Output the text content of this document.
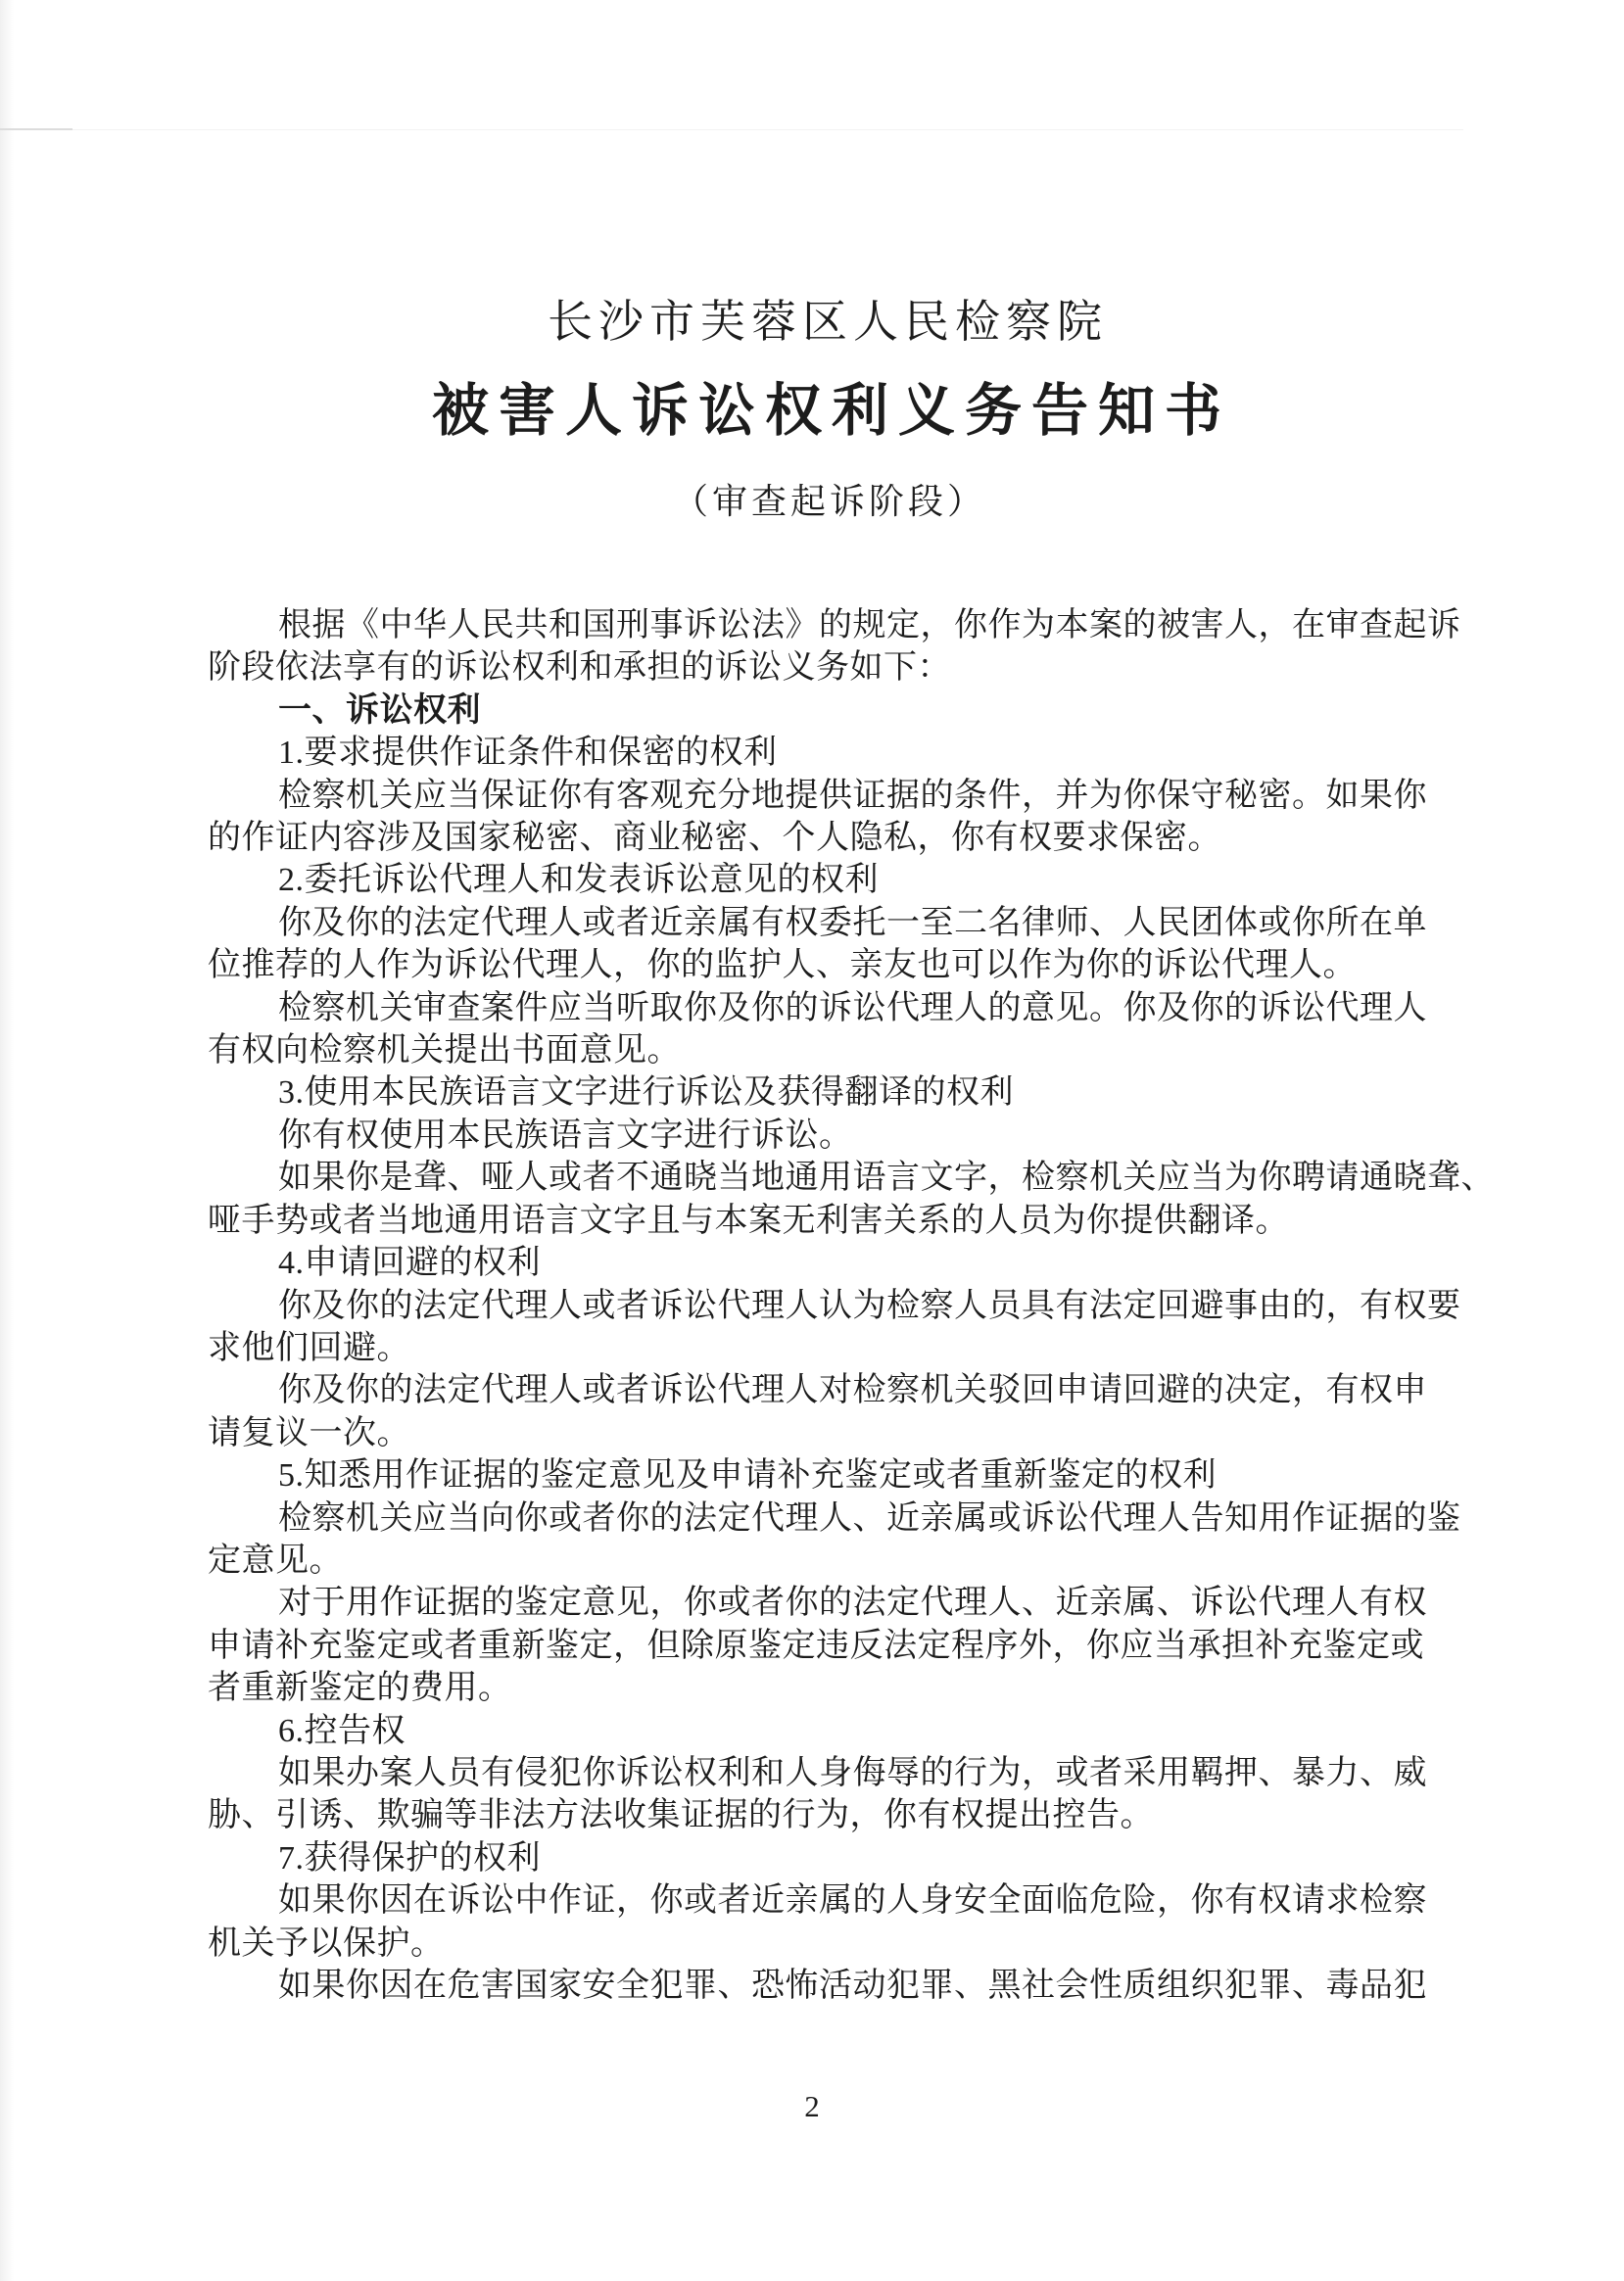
长沙市芙蓉区人民检察院
被害人诉讼权利义务告知书
（审查起诉阶段）
根据《中华人民共和国刑事诉讼法》的规定，你作为本案的被害人，在审查起诉
阶段依法享有的诉讼权利和承担的诉讼义务如下：
一、诉讼权利
1.要求提供作证条件和保密的权利
检察机关应当保证你有客观充分地提供证据的条件，并为你保守秘密。如果你
的作证内容涉及国家秘密、商业秘密、个人隐私，你有权要求保密。
2.委托诉讼代理人和发表诉讼意见的权利
你及你的法定代理人或者近亲属有权委托一至二名律师、人民团体或你所在单
位推荐的人作为诉讼代理人，你的监护人、亲友也可以作为你的诉讼代理人。
检察机关审查案件应当听取你及你的诉讼代理人的意见。你及你的诉讼代理人
有权向检察机关提出书面意见。
3.使用本民族语言文字进行诉讼及获得翻译的权利
你有权使用本民族语言文字进行诉讼。
如果你是聋、哑人或者不通晓当地通用语言文字，检察机关应当为你聘请通晓聋、
哑手势或者当地通用语言文字且与本案无利害关系的人员为你提供翻译。
4.申请回避的权利
你及你的法定代理人或者诉讼代理人认为检察人员具有法定回避事由的，有权要
求他们回避。
你及你的法定代理人或者诉讼代理人对检察机关驳回申请回避的决定，有权申
请复议一次。
5.知悉用作证据的鉴定意见及申请补充鉴定或者重新鉴定的权利
检察机关应当向你或者你的法定代理人、近亲属或诉讼代理人告知用作证据的鉴
定意见。
对于用作证据的鉴定意见，你或者你的法定代理人、近亲属、诉讼代理人有权
申请补充鉴定或者重新鉴定，但除原鉴定违反法定程序外，你应当承担补充鉴定或
者重新鉴定的费用。
6.控告权
如果办案人员有侵犯你诉讼权利和人身侮辱的行为，或者采用羁押、暴力、威
胁、引诱、欺骗等非法方法收集证据的行为，你有权提出控告。
7.获得保护的权利
如果你因在诉讼中作证，你或者近亲属的人身安全面临危险，你有权请求检察
机关予以保护。
如果你因在危害国家安全犯罪、恐怖活动犯罪、黑社会性质组织犯罪、毒品犯
2
